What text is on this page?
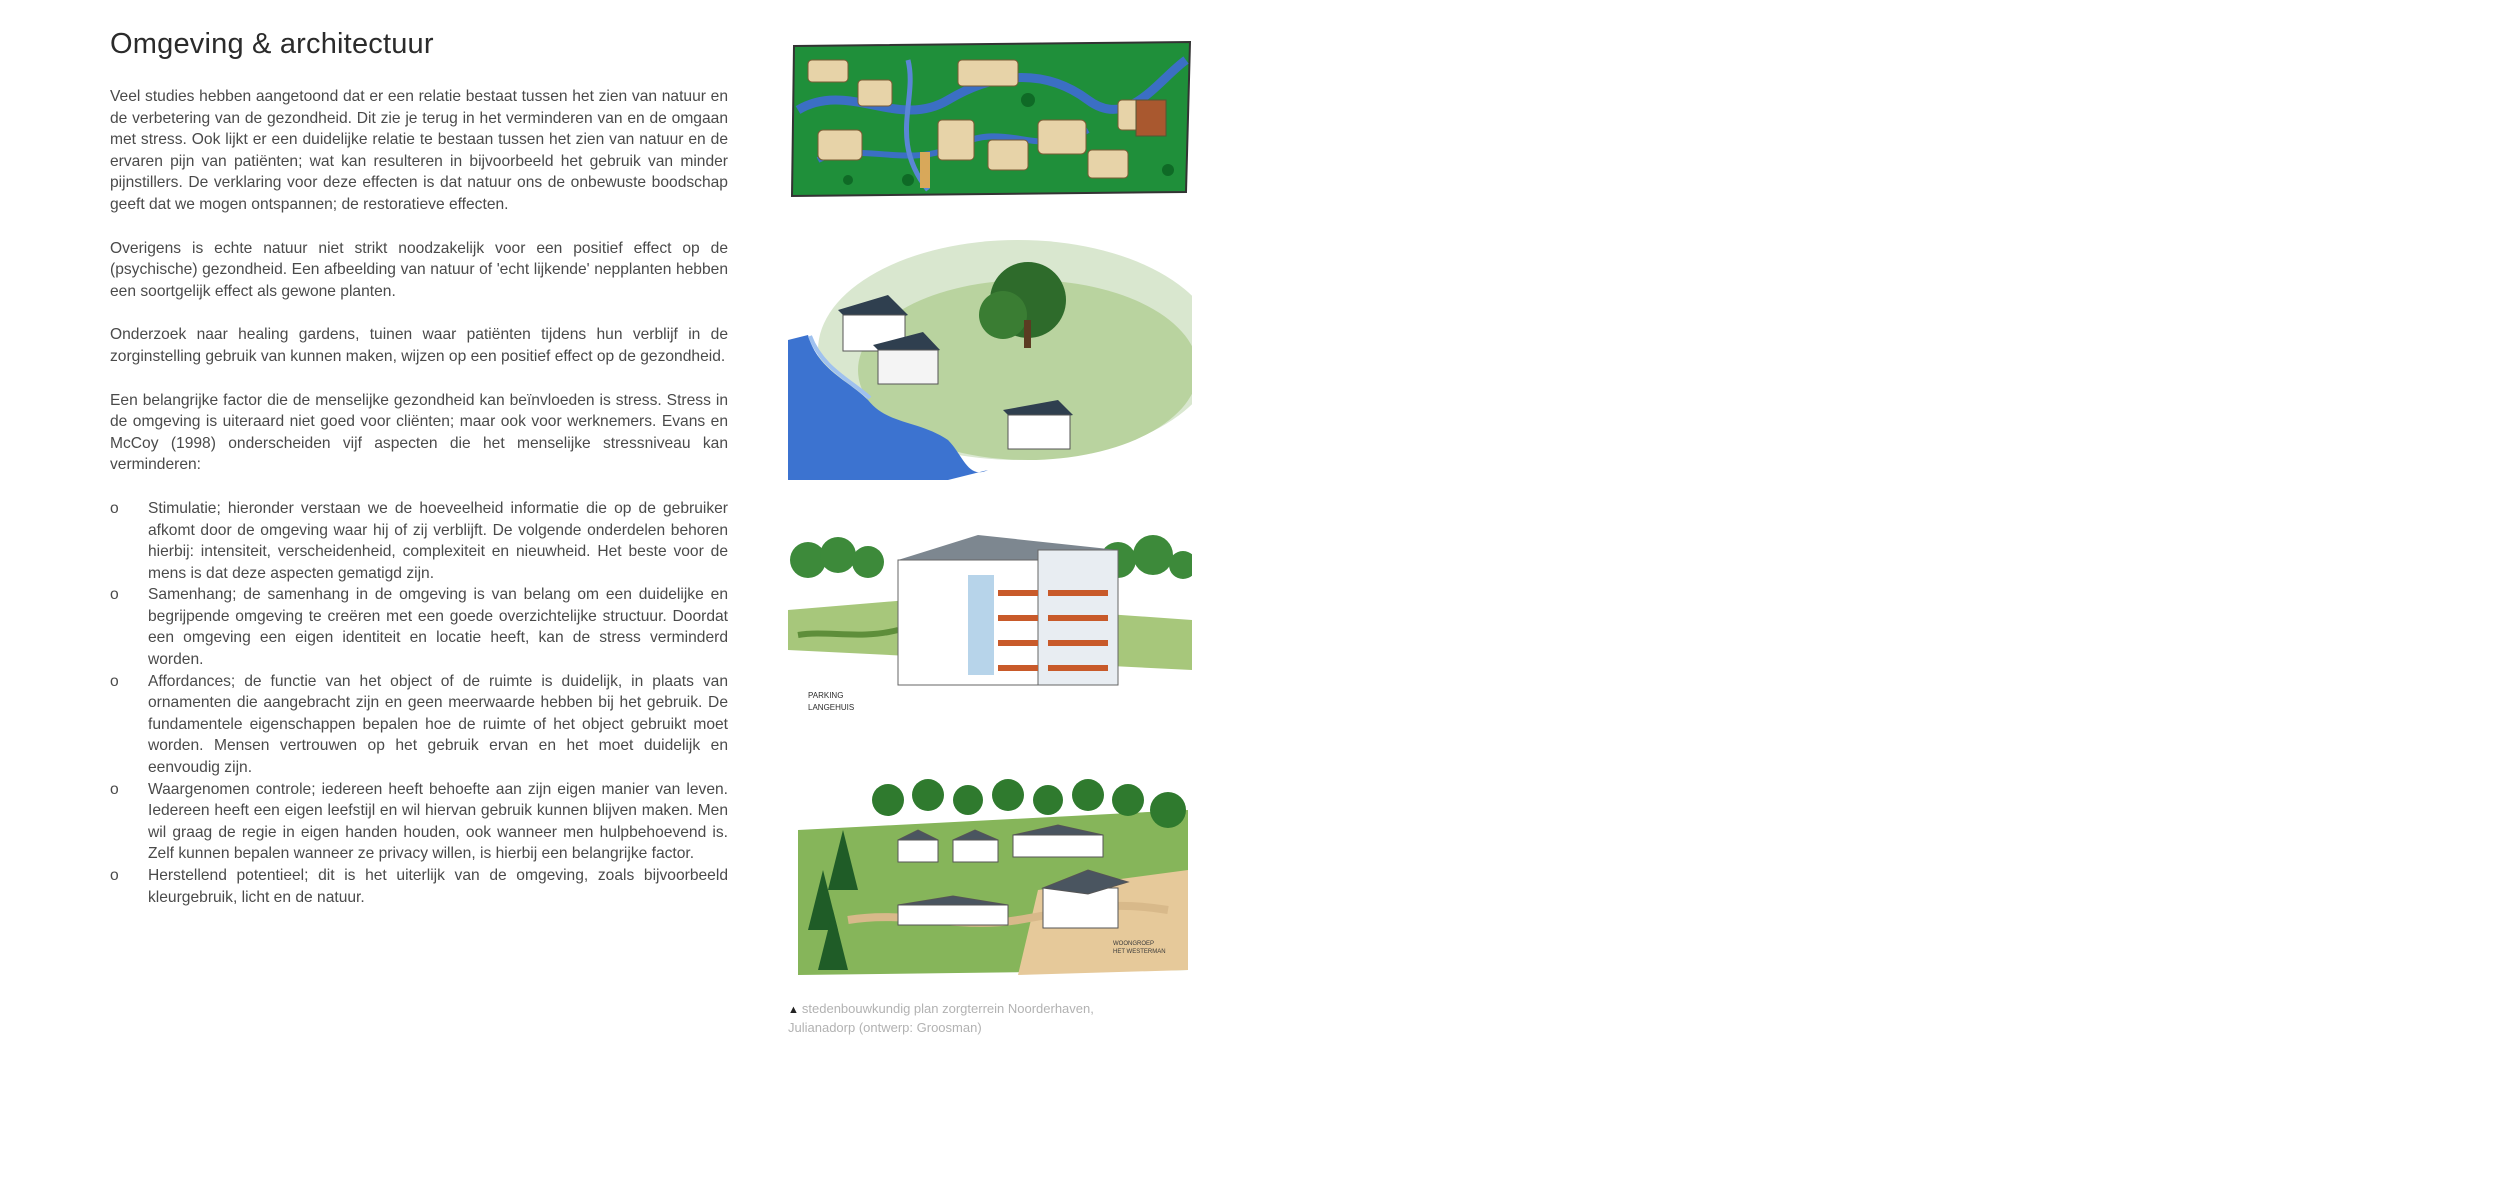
Omgeving & architectuur

Veel studies hebben aangetoond dat er een relatie bestaat tussen het zien van natuur en de verbetering van de gezondheid. Dit zie je terug in het verminderen van en de omgaan met stress. Ook lijkt er een duidelijke relatie te bestaan tussen het zien van natuur en de ervaren pijn van patiënten; wat kan resulteren in bijvoorbeeld het gebruik van minder pijnstillers. De verklaring voor deze effecten is dat natuur ons de onbewuste boodschap geeft dat we mogen ontspannen; de restoratieve effecten.

Overigens is echte natuur niet strikt noodzakelijk voor een positief effect op de (psychische) gezondheid. Een afbeelding van natuur of 'echt lijkende' nepplanten hebben een soortgelijk effect als gewone planten.

Onderzoek naar healing gardens, tuinen waar patiënten tijdens hun verblijf in de zorginstelling gebruik van kunnen maken, wijzen op een positief effect op de gezondheid.

Een belangrijke factor die de menselijke gezondheid kan beïnvloeden is stress. Stress in de omgeving is uiteraard niet goed voor cliënten; maar ook voor werknemers. Evans en McCoy (1998) onderscheiden vijf aspecten die het menselijke stressniveau kan verminderen:

o Stimulatie; hieronder verstaan we de hoeveelheid informatie die op de gebruiker afkomt door de omgeving waar hij of zij verblijft. De volgende onderdelen behoren hierbij: intensiteit, verscheidenheid, complexiteit en nieuwheid. Het beste voor de mens is dat deze aspecten gematigd zijn.
o Samenhang; de samenhang in de omgeving is van belang om een duidelijke en begrijpende omgeving te creëren met een goede overzichtelijke structuur. Doordat een omgeving een eigen identiteit en locatie heeft, kan de stress verminderd worden.
o Affordances; de functie van het object of de ruimte is duidelijk, in plaats van ornamenten die aangebracht zijn en geen meerwaarde hebben bij het gebruik. De fundamentele eigenschappen bepalen hoe de ruimte of het object gebruikt moet worden. Mensen vertrouwen op het gebruik ervan en het moet duidelijk en eenvoudig zijn.
o Waargenomen controle; iedereen heeft behoefte aan zijn eigen manier van leven. Iedereen heeft een eigen leefstijl en wil hiervan gebruik kunnen blijven maken. Men wil graag de regie in eigen handen houden, ook wanneer men hulpbehoevend is. Zelf kunnen bepalen wanneer ze privacy willen, is hierbij een belangrijke factor.
o Herstellend potentieel; dit is het uiterlijk van de omgeving, zoals bijvoorbeeld kleurgebruik, licht en de natuur.
PARKING
LANGEHUIS
WOONGROEP
HET WESTERMAN
▲ stedenbouwkundig plan zorgterrein Noorderhaven,
Julianadorp (ontwerp: Groosman)
